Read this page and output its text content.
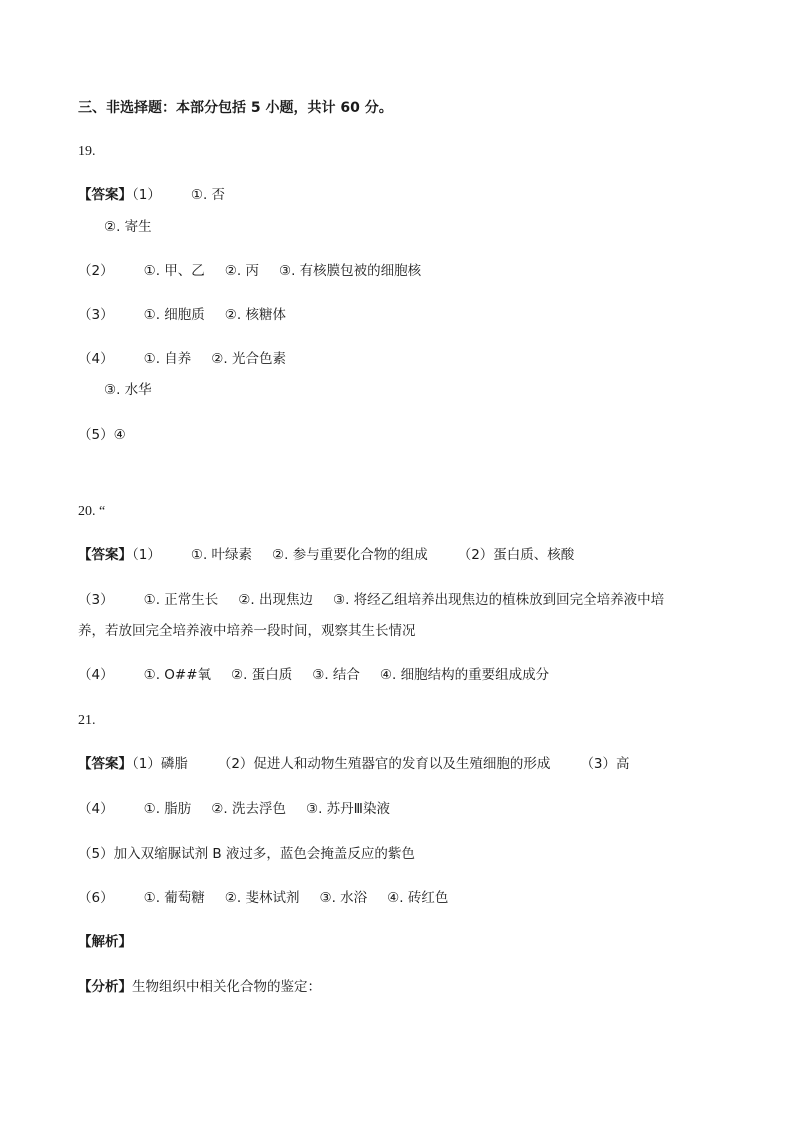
三、非选择题：本部分包括 5 小题，共计 60 分。
19.
【答案】（1） ①. 否
②. 寄生
（2） ①. 甲、乙 ②. 丙 ③. 有核膜包被的细胞核
（3） ①. 细胞质 ②. 核糖体
（4） ①. 自养 ②. 光合色素
③. 水华
（5）④
20. “
【答案】（1） ①. 叶绿素 ②. 参与重要化合物的组成 （2）蛋白质、核酸
（3） ①. 正常生长 ②. 出现焦边 ③. 将经乙组培养出现焦边的植株放到回完全培养液中培
养，若放回完全培养液中培养一段时间，观察其生长情况
（4） ①. O##氧 ②. 蛋白质 ③. 结合 ④. 细胞结构的重要组成成分
21.
【答案】（1）磷脂 （2）促进人和动物生殖器官的发育以及生殖细胞的形成 （3）高
（4） ①. 脂肪 ②. 洗去浮色 ③. 苏丹Ⅲ染液
（5）加入双缩脲试剂 B 液过多，蓝色会掩盖反应的紫色
（6） ①. 葡萄糖 ②. 斐林试剂 ③. 水浴 ④. 砖红色
【解析】
【分析】生物组织中相关化合物的鉴定：
